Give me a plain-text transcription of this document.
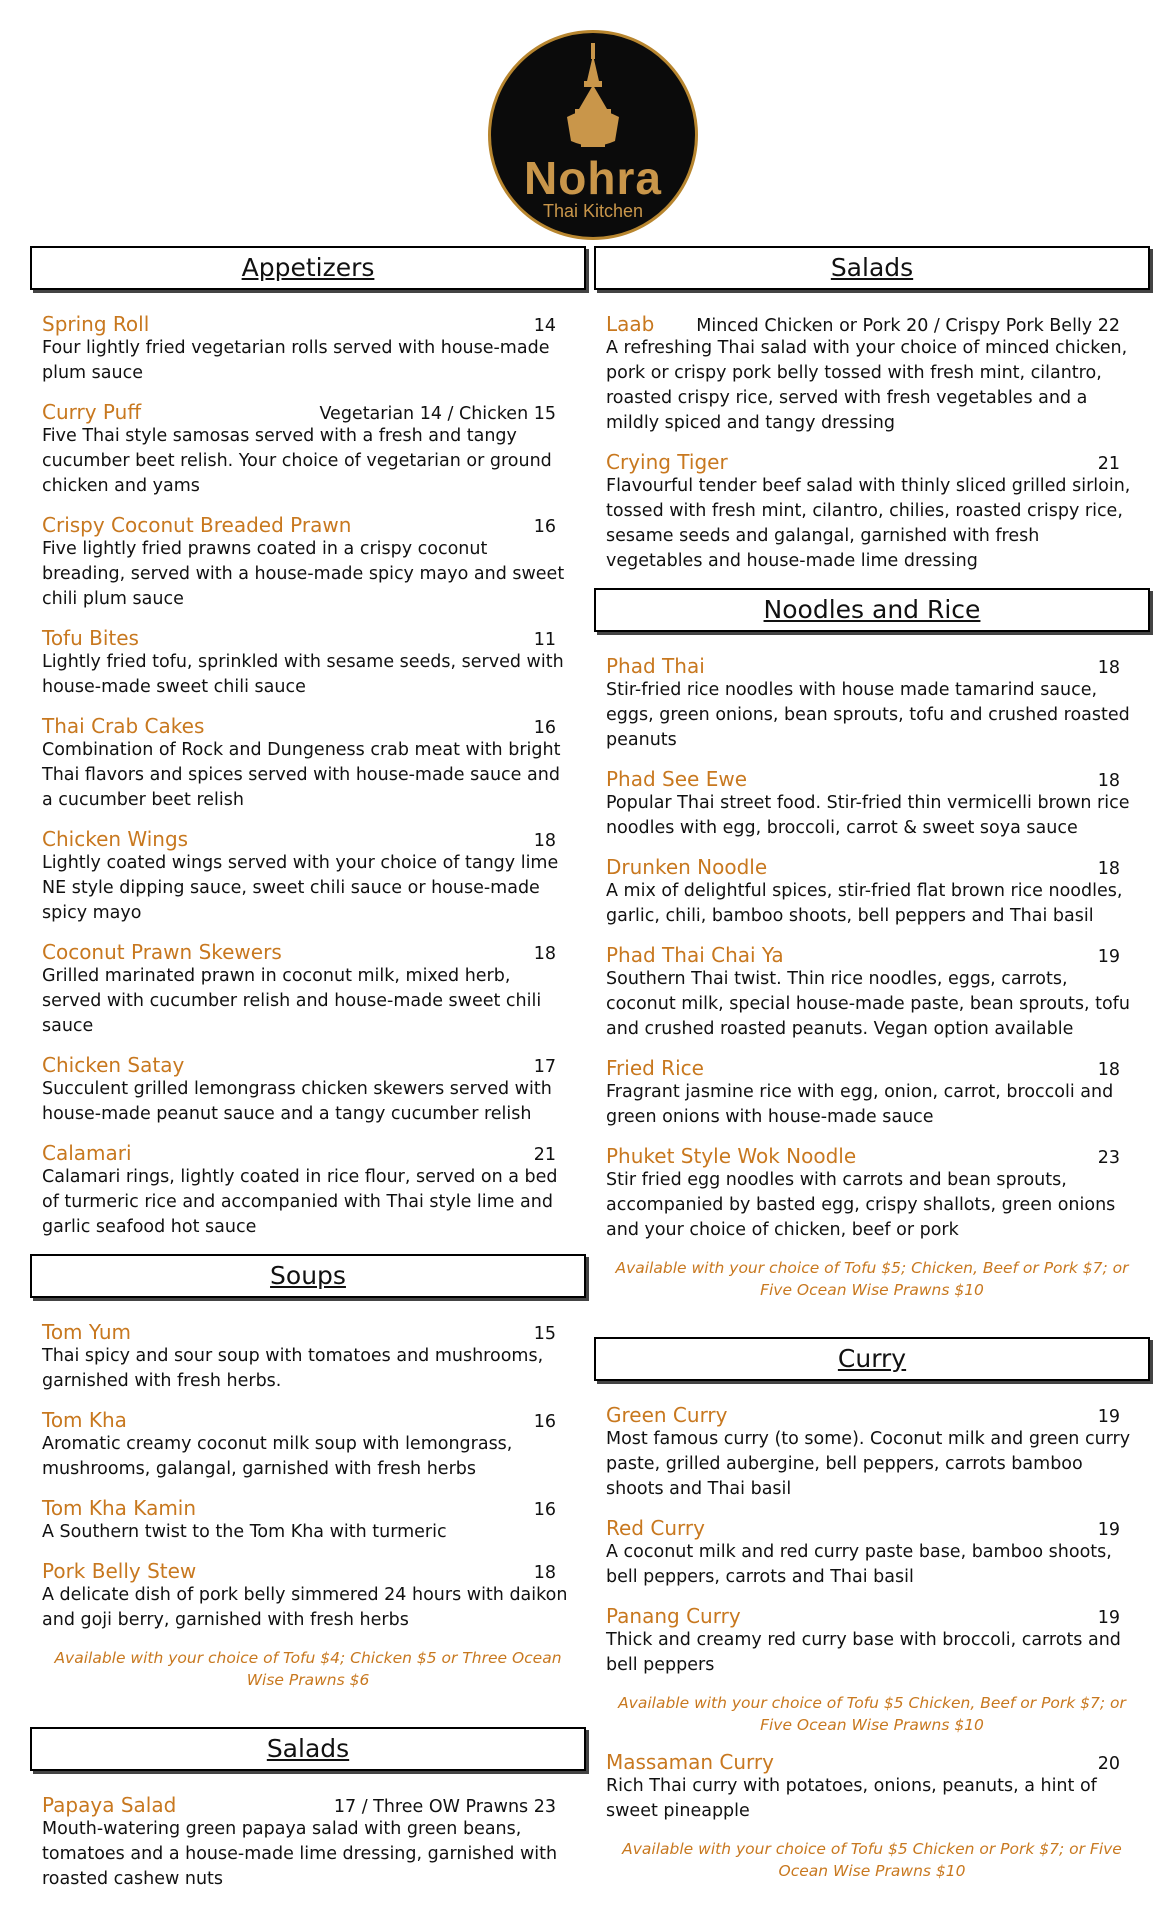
Nohra
Thai Kitchen
Appetizers
Spring Roll	14
Four lightly fried vegetarian rolls served with house-made plum sauce
Curry Puff	Vegetarian 14 / Chicken 15
Five Thai style samosas served with a fresh and tangy cucumber beet relish. Your choice of vegetarian or ground chicken and yams
Crispy Coconut Breaded Prawn	16
Five lightly fried prawns coated in a crispy coconut breading, served with a house-made spicy mayo and sweet chili plum sauce
Tofu Bites	11
Lightly fried tofu, sprinkled with sesame seeds, served with house-made sweet chili sauce
Thai Crab Cakes	16
Combination of Rock and Dungeness crab meat with bright Thai flavors and spices served with house-made sauce and a cucumber beet relish
Chicken Wings	18
Lightly coated wings served with your choice of tangy lime NE style dipping sauce, sweet chili sauce or house-made spicy mayo
Coconut Prawn Skewers	18
Grilled marinated prawn in coconut milk, mixed herb, served with cucumber relish and house-made sweet chili sauce
Chicken Satay	17
Succulent grilled lemongrass chicken skewers served with house-made peanut sauce and a tangy cucumber relish
Calamari	21
Calamari rings, lightly coated in rice flour, served on a bed of turmeric rice and accompanied with Thai style lime and garlic seafood hot sauce
Soups
Tom Yum	15
Thai spicy and sour soup with tomatoes and mushrooms, garnished with fresh herbs.
Tom Kha	16
Aromatic creamy coconut milk soup with lemongrass, mushrooms, galangal, garnished with fresh herbs
Tom Kha Kamin	16
A Southern twist to the Tom Kha with turmeric
Pork Belly Stew	18
A delicate dish of pork belly simmered 24 hours with daikon and goji berry, garnished with fresh herbs
Available with your choice of Tofu $4; Chicken $5 or Three Ocean Wise Prawns $6
Salads
Papaya Salad	17 / Three OW Prawns 23
Mouth-watering green papaya salad with green beans, tomatoes and a house-made lime dressing, garnished with roasted cashew nuts
Salads
Laab	Minced Chicken or Pork 20 / Crispy Pork Belly 22
A refreshing Thai salad with your choice of minced chicken, pork or crispy pork belly tossed with fresh mint, cilantro, roasted crispy rice, served with fresh vegetables and a mildly spiced and tangy dressing
Crying Tiger	21
Flavourful tender beef salad with thinly sliced grilled sirloin, tossed with fresh mint, cilantro, chilies, roasted crispy rice, sesame seeds and galangal, garnished with fresh vegetables and house-made lime dressing
Noodles and Rice
Phad Thai	18
Stir-fried rice noodles with house made tamarind sauce, eggs, green onions, bean sprouts, tofu and crushed roasted peanuts
Phad See Ewe	18
Popular Thai street food. Stir-fried thin vermicelli brown rice noodles with egg, broccoli, carrot & sweet soya sauce
Drunken Noodle	18
A mix of delightful spices, stir-fried flat brown rice noodles, garlic, chili, bamboo shoots, bell peppers and Thai basil
Phad Thai Chai Ya	19
Southern Thai twist. Thin rice noodles, eggs, carrots, coconut milk, special house-made paste, bean sprouts, tofu and crushed roasted peanuts. Vegan option available
Fried Rice	18
Fragrant jasmine rice with egg, onion, carrot, broccoli and green onions with house-made sauce
Phuket Style Wok Noodle	23
Stir fried egg noodles with carrots and bean sprouts, accompanied by basted egg, crispy shallots, green onions and your choice of chicken, beef or pork
Available with your choice of Tofu $5; Chicken, Beef or Pork $7; or Five Ocean Wise Prawns $10
Curry
Green Curry	19
Most famous curry (to some). Coconut milk and green curry paste, grilled aubergine, bell peppers, carrots bamboo shoots and Thai basil
Red Curry	19
A coconut milk and red curry paste base, bamboo shoots, bell peppers, carrots and Thai basil
Panang Curry	19
Thick and creamy red curry base with broccoli, carrots and bell peppers
Available with your choice of Tofu $5 Chicken, Beef or Pork $7; or Five Ocean Wise Prawns $10
Massaman Curry	20
Rich Thai curry with potatoes, onions, peanuts, a hint of sweet pineapple
Available with your choice of Tofu $5 Chicken or Pork $7; or Five Ocean Wise Prawns $10
